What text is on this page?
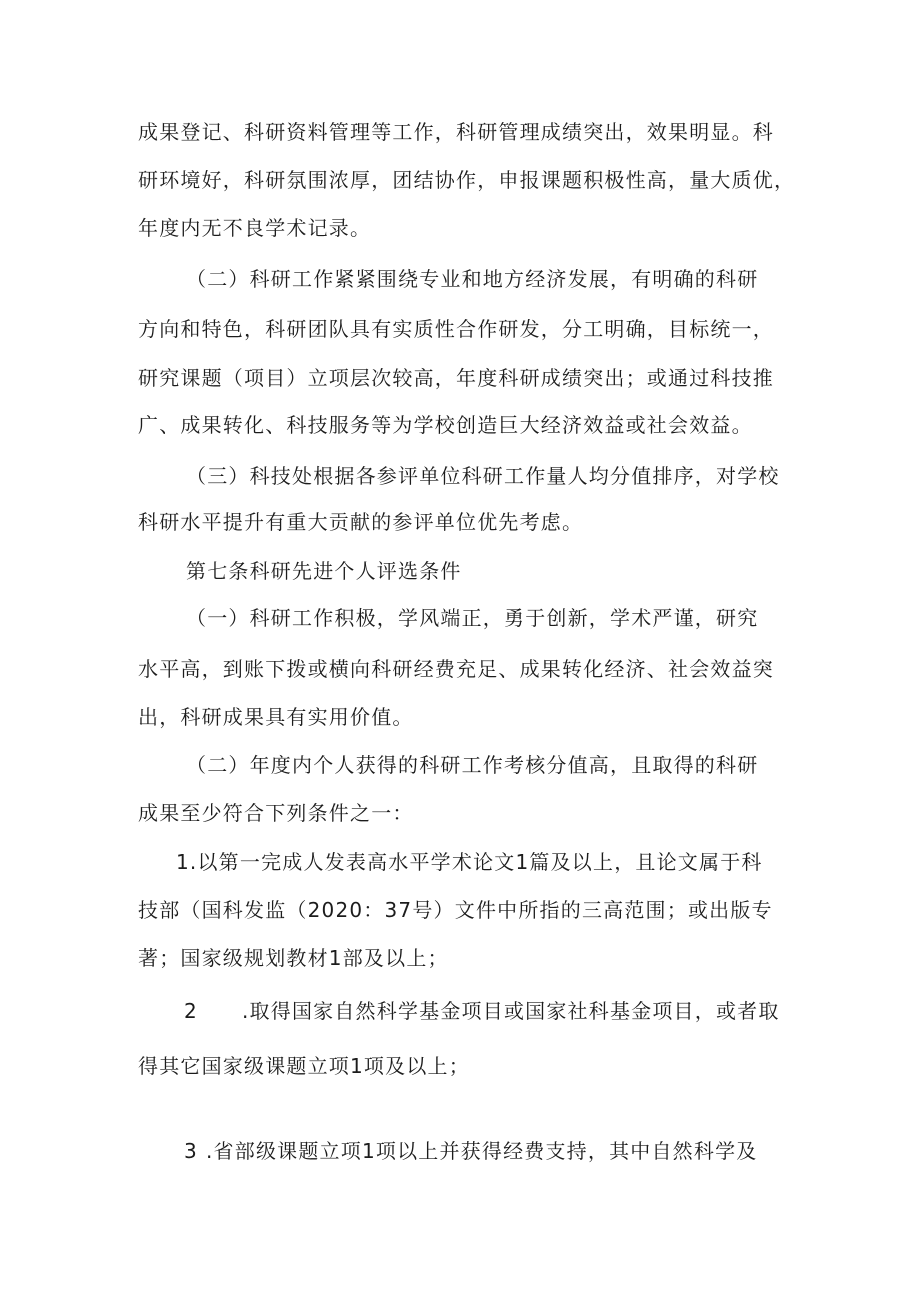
成果登记、科研资料管理等工作，科研管理成绩突出，效果明显。科
研环境好，科研氛围浓厚，团结协作，申报课题积极性高，量大质优，
年度内无不良学术记录。
（二）科研工作紧紧围绕专业和地方经济发展，有明确的科研
方向和特色，科研团队具有实质性合作研发，分工明确，目标统一，
研究课题（项目）立项层次较高，年度科研成绩突出；或通过科技推
广、成果转化、科技服务等为学校创造巨大经济效益或社会效益。
（三）科技处根据各参评单位科研工作量人均分值排序，对学校
科研水平提升有重大贡献的参评单位优先考虑。
第七条科研先进个人评选条件
（一）科研工作积极，学风端正，勇于创新，学术严谨，研究
水平高，到账下拨或横向科研经费充足、成果转化经济、社会效益突
出，科研成果具有实用价值。
（二）年度内个人获得的科研工作考核分值高，且取得的科研
成果至少符合下列条件之一：
1.以第一完成人发表高水平学术论文1篇及以上，且论文属于科
技部（国科发监（2020：37号）文件中所指的三高范围；或出版专
著；国家级规划教材1部及以上；
2 .取得国家自然科学基金项目或国家社科基金项目，或者取
得其它国家级课题立项1项及以上；
3 .省部级课题立项1项以上并获得经费支持，其中自然科学及
